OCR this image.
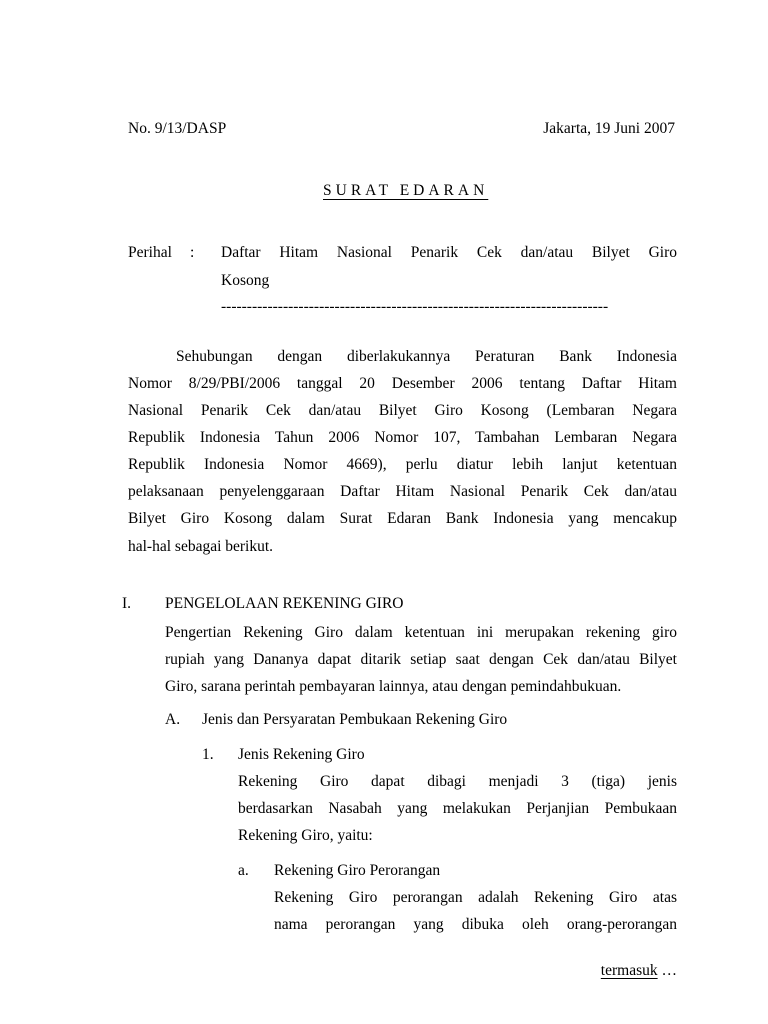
No. 9/13/DASP	Jakarta, 19 Juni 2007
SURAT EDARAN
Perihal : Daftar Hitam Nasional Penarik Cek dan/atau Bilyet Giro
Kosong
---------------------------------------------------------------------------
Sehubungan dengan diberlakukannya Peraturan Bank Indonesia
Nomor 8/29/PBI/2006 tanggal 20 Desember 2006 tentang Daftar Hitam
Nasional Penarik Cek dan/atau Bilyet Giro Kosong (Lembaran Negara
Republik Indonesia Tahun 2006 Nomor 107, Tambahan Lembaran Negara
Republik Indonesia Nomor 4669), perlu diatur lebih lanjut ketentuan
pelaksanaan penyelenggaraan Daftar Hitam Nasional Penarik Cek dan/atau
Bilyet Giro Kosong dalam Surat Edaran Bank Indonesia yang mencakup
hal-hal sebagai berikut.
I. PENGELOLAAN REKENING GIRO
Pengertian Rekening Giro dalam ketentuan ini merupakan rekening giro
rupiah yang Dananya dapat ditarik setiap saat dengan Cek dan/atau Bilyet
Giro, sarana perintah pembayaran lainnya, atau dengan pemindahbukuan.
A. Jenis dan Persyaratan Pembukaan Rekening Giro
1. Jenis Rekening Giro
Rekening Giro dapat dibagi menjadi 3 (tiga) jenis
berdasarkan Nasabah yang melakukan Perjanjian Pembukaan
Rekening Giro, yaitu:
a. Rekening Giro Perorangan
Rekening Giro perorangan adalah Rekening Giro atas
nama perorangan yang dibuka oleh orang-perorangan
termasuk …
